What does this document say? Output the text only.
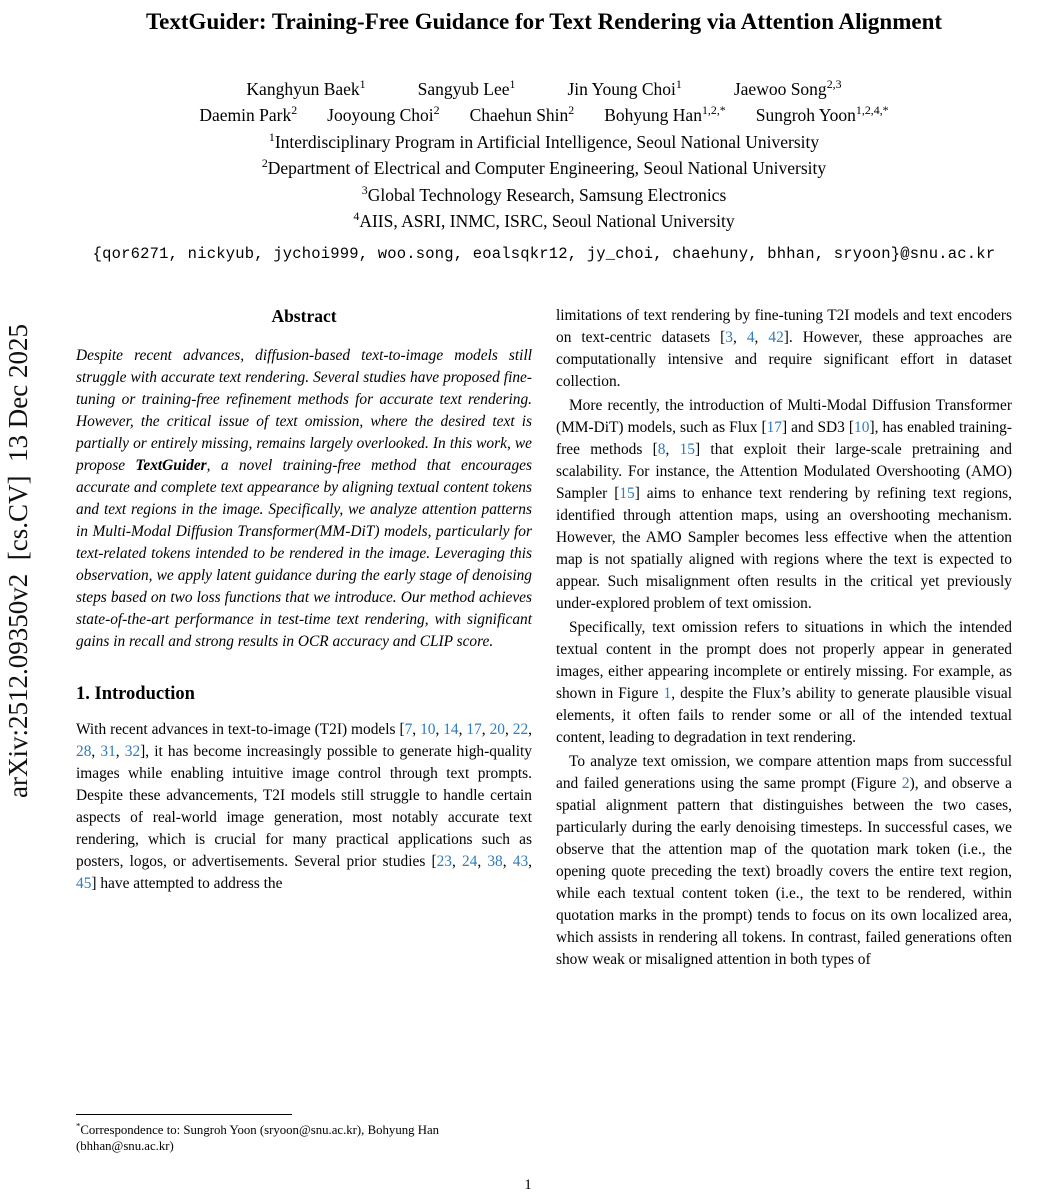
arXiv:2512.09350v2  [cs.CV]  13 Dec 2025
TextGuider: Training-Free Guidance for Text Rendering via Attention Alignment
Kanghyun Baek$^1$	Sangyub Lee$^1$	Jin Young Choi$^1$	Jaewoo Song$^{2,3}$
Daemin Park$^2$ Jooyoung Choi$^2$ Chaehun Shin$^2$ Bohyung Han$^{1,2,*}$ Sungroh Yoon$^{1,2,4,*}$
$^1$Interdisciplinary Program in Artificial Intelligence, Seoul National University
$^2$Department of Electrical and Computer Engineering, Seoul National University
$^3$Global Technology Research, Samsung Electronics
$^4$AIIS, ASRI, INMC, ISRC, Seoul National University
{qor6271, nickyub, jychoi999, woo.song, eoalsqkr12, jy_choi, chaehuny, bhhan, sryoon}@snu.ac.kr
Abstract

Despite recent advances, diffusion-based text-to-image models still struggle with accurate text rendering. Several studies have proposed fine-tuning or training-free refinement methods for accurate text rendering. However, the critical issue of text omission, where the desired text is partially or entirely missing, remains largely overlooked. In this work, we propose TextGuider, a novel training-free method that encourages accurate and complete text appearance by aligning textual content tokens and text regions in the image. Specifically, we analyze attention patterns in Multi-Modal Diffusion Transformer(MM-DiT) models, particularly for text-related tokens intended to be rendered in the image. Leveraging this observation, we apply latent guidance during the early stage of denoising steps based on two loss functions that we introduce. Our method achieves state-of-the-art performance in test-time text rendering, with significant gains in recall and strong results in OCR accuracy and CLIP score.

1. Introduction

With recent advances in text-to-image (T2I) models [7, 10, 14, 17, 20, 22, 28, 31, 32], it has become increasingly possible to generate high-quality images while enabling intuitive image control through text prompts. Despite these advancements, T2I models still struggle to handle certain aspects of real-world image generation, most notably accurate text rendering, which is crucial for many practical applications such as posters, logos, or advertisements. Several prior studies [23, 24, 38, 43, 45] have attempted to address the

limitations of text rendering by fine-tuning T2I models and text encoders on text-centric datasets [3, 4, 42]. However, these approaches are computationally intensive and require significant effort in dataset collection.

More recently, the introduction of Multi-Modal Diffusion Transformer (MM-DiT) models, such as Flux [17] and SD3 [10], has enabled training-free methods [8, 15] that exploit their large-scale pretraining and scalability. For instance, the Attention Modulated Overshooting (AMO) Sampler [15] aims to enhance text rendering by refining text regions, identified through attention maps, using an overshooting mechanism. However, the AMO Sampler becomes less effective when the attention map is not spatially aligned with regions where the text is expected to appear. Such misalignment often results in the critical yet previously under-explored problem of text omission.

Specifically, text omission refers to situations in which the intended textual content in the prompt does not properly appear in generated images, either appearing incomplete or entirely missing. For example, as shown in Figure 1, despite the Flux’s ability to generate plausible visual elements, it often fails to render some or all of the intended textual content, leading to degradation in text rendering.

To analyze text omission, we compare attention maps from successful and failed generations using the same prompt (Figure 2), and observe a spatial alignment pattern that distinguishes between the two cases, particularly during the early denoising timesteps. In successful cases, we observe that the attention map of the quotation mark token (i.e., the opening quote preceding the text) broadly covers the entire text region, while each textual content token (i.e., the text to be rendered, within quotation marks in the prompt) tends to focus on its own localized area, which assists in rendering all tokens. In contrast, failed generations often show weak or misaligned attention in both types of

*Correspondence to: Sungroh Yoon (sryoon@snu.ac.kr), Bohyung Han (bhhan@snu.ac.kr)
1
